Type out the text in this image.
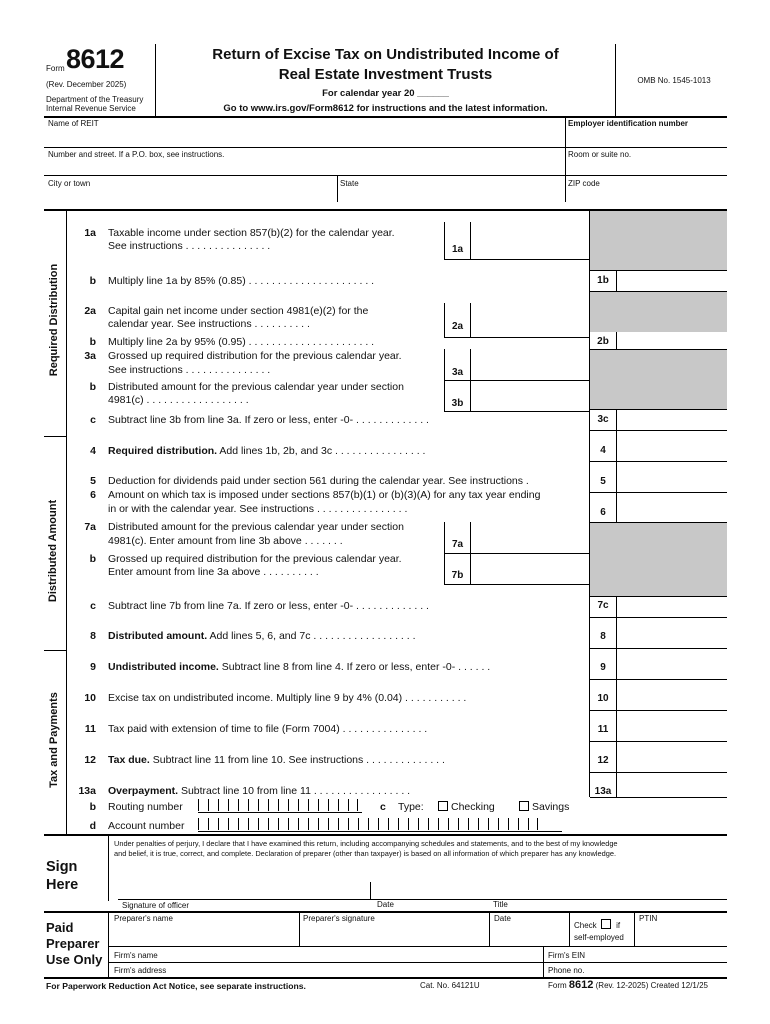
Form 8612
(Rev. December 2025)
Department of the Treasury
Internal Revenue Service
Return of Excise Tax on Undistributed Income of
Real Estate Investment Trusts
For calendar year 20 ______
Go to www.irs.gov/Form8612 for instructions and the latest information.
OMB No. 1545-1013
Name of REIT	Employer identification number
Number and street. If a P.O. box, see instructions.	Room or suite no.
City or town	State	ZIP code
Required Distribution
Distributed Amount
Tax and Payments
1a Taxable income under section 857(b)(2) for the calendar year.
See instructions . . . . . . . . . . . . . . .	1a
b Multiply line 1a by 85% (0.85) . . . . . . . . . . . . . . . . . . . . . .	1b
2a Capital gain net income under section 4981(e)(2) for the
calendar year. See instructions . . . . . . . . . .	2a
b Multiply line 2a by 95% (0.95) . . . . . . . . . . . . . . . . . . . . . .	2b
3a Grossed up required distribution for the previous calendar year.
See instructions . . . . . . . . . . . . . . .	3a
b Distributed amount for the previous calendar year under section
4981(c) . . . . . . . . . . . . . . . . . .	3b
c Subtract line 3b from line 3a. If zero or less, enter -0- . . . . . . . . . . . . .	3c
4 Required distribution. Add lines 1b, 2b, and 3c . . . . . . . . . . . . . . . .	4
5 Deduction for dividends paid under section 561 during the calendar year. See instructions .	5
6 Amount on which tax is imposed under sections 857(b)(1) or (b)(3)(A) for any tax year ending
in or with the calendar year. See instructions . . . . . . . . . . . . . . . .	6
7a Distributed amount for the previous calendar year under section
4981(c). Enter amount from line 3b above . . . . . . .	7a
b Grossed up required distribution for the previous calendar year.
Enter amount from line 3a above . . . . . . . . . .	7b
c Subtract line 7b from line 7a. If zero or less, enter -0- . . . . . . . . . . . . .	7c
8 Distributed amount. Add lines 5, 6, and 7c . . . . . . . . . . . . . . . . . .	8
9 Undistributed income. Subtract line 8 from line 4. If zero or less, enter -0- . . . . . .	9
10 Excise tax on undistributed income. Multiply line 9 by 4% (0.04) . . . . . . . . . . .	10
11 Tax paid with extension of time to file (Form 7004) . . . . . . . . . . . . . . .	11
12 Tax due. Subtract line 11 from line 10. See instructions . . . . . . . . . . . . . .	12
13a Overpayment. Subtract line 10 from line 11 . . . . . . . . . . . . . . . . .	13a
b Routing number	c Type:	Checking	Savings
d Account number
Sign
Here
Under penalties of perjury, I declare that I have examined this return, including accompanying schedules and statements, and to the best of my knowledge
and belief, it is true, correct, and complete. Declaration of preparer (other than taxpayer) is based on all information of which preparer has any knowledge.
Signature of officer	Date	Title
Paid
Preparer
Use Only
Preparer's name	Preparer's signature	Date
Check if
self-employed
PTIN
Firm's name	Firm's EIN
Firm's address	Phone no.
For Paperwork Reduction Act Notice, see separate instructions.	Cat. No. 64121U	Form 8612 (Rev. 12-2025) Created 12/1/25
